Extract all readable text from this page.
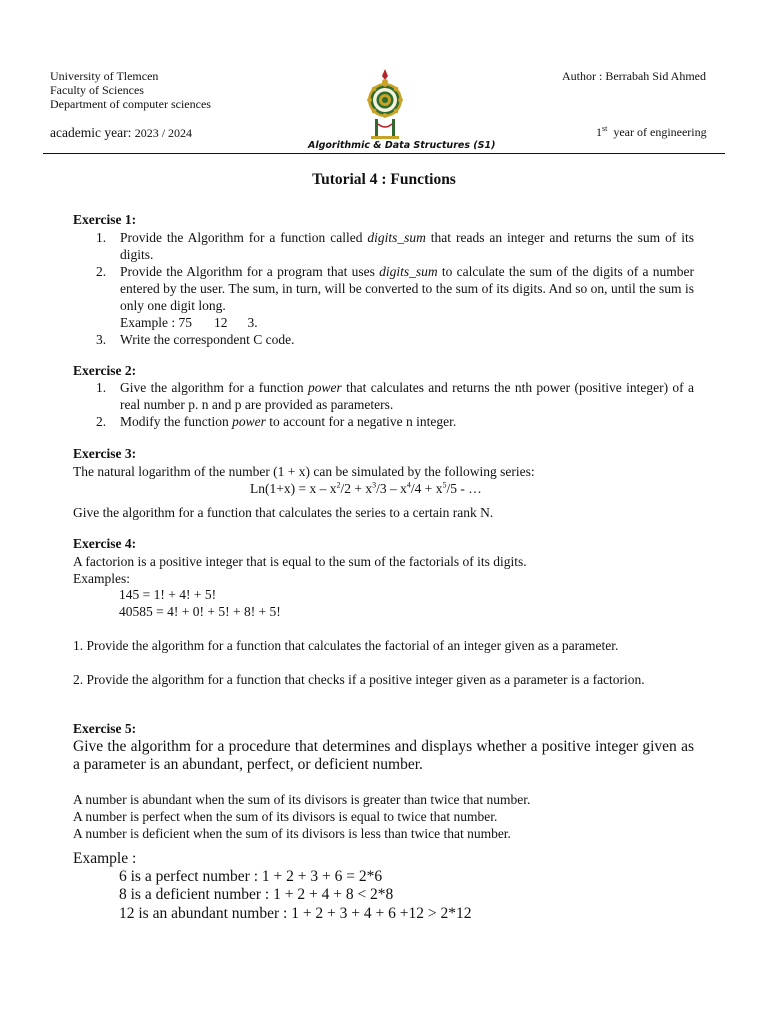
University of Tlemcen
Faculty of Sciences
Department of computer sciences
academic year: 2023 / 2024
Author : Berrabah Sid Ahmed
1st year of engineering
Algorithmic & Data Structures (S1)
Tutorial 4 : Functions
Exercise 1:
1. Provide the Algorithm for a function called digits_sum that reads an integer and returns the sum of its digits.
2. Provide the Algorithm for a program that uses digits_sum to calculate the sum of the digits of a number entered by the user. The sum, in turn, will be converted to the sum of its digits. And so on, until the sum is only one digit long.
Example : 75 12 3.
3. Write the correspondent C code.
Exercise 2:
1. Give the algorithm for a function power that calculates and returns the nth power (positive integer) of a real number p. n and p are provided as parameters.
2. Modify the function power to account for a negative n integer.
Exercise 3:
The natural logarithm of the number (1 + x) can be simulated by the following series:
$Ln(1+x) = x - x^2/2 + x^3/3 - x^4/4 + x^5/5$ - …
Give the algorithm for a function that calculates the series to a certain rank N.
Exercise 4:
A factorion is a positive integer that is equal to the sum of the factorials of its digits.
Examples:
145 = 1! + 4! + 5!
40585 = 4! + 0! + 5! + 8! + 5!
1. Provide the algorithm for a function that calculates the factorial of an integer given as a parameter.
2. Provide the algorithm for a function that checks if a positive integer given as a parameter is a factorion.
Exercise 5:
Give the algorithm for a procedure that determines and displays whether a positive integer given as a parameter is an abundant, perfect, or deficient number.
A number is abundant when the sum of its divisors is greater than twice that number.
A number is perfect when the sum of its divisors is equal to twice that number.
A number is deficient when the sum of its divisors is less than twice that number.
Example :
6 is a perfect number : 1 + 2 + 3 + 6 = 2*6
8 is a deficient number : 1 + 2 + 4 + 8 < 2*8
12 is an abundant number : 1 + 2 + 3 + 4 + 6 +12 > 2*12
